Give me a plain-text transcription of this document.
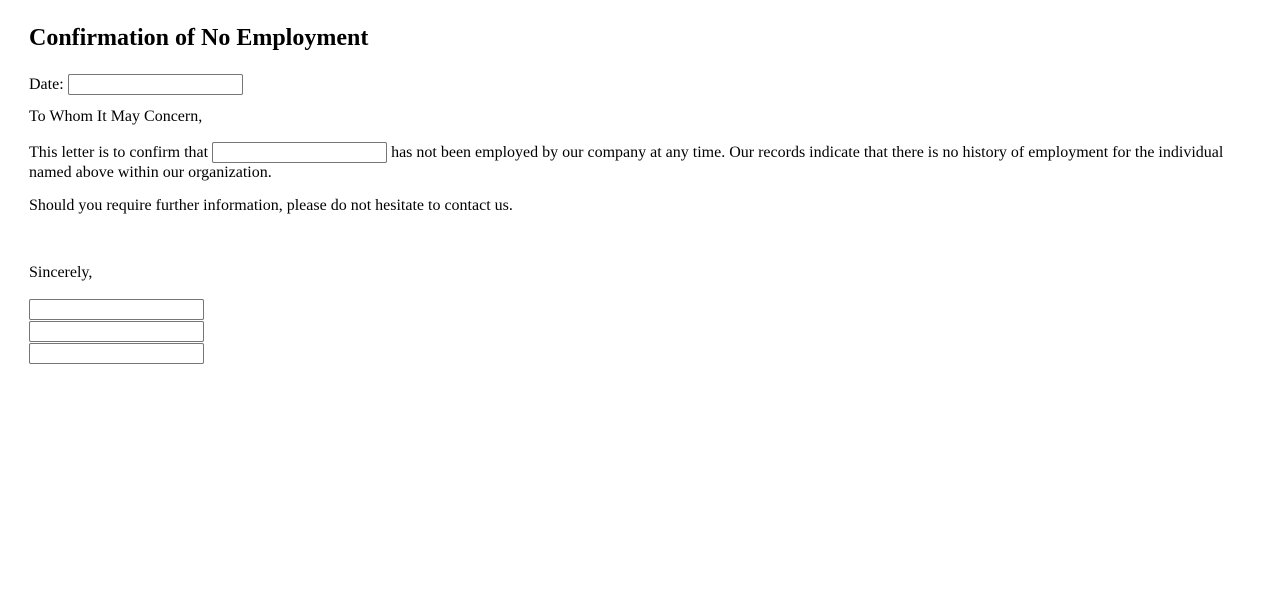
Confirmation of No Employment

Date:

To Whom It May Concern,

This letter is to confirm that	has not been employed by our company at any time. Our records indicate that there is no history of employment for the individual named above within our organization.

Should you require further information, please do not hesitate to contact us.

Sincerely,
